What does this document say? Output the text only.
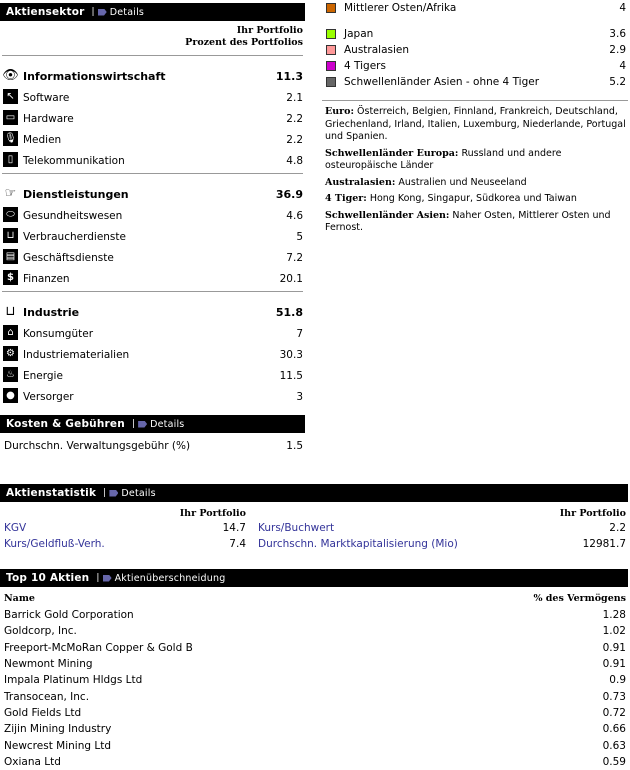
Aktiensektor | Details
Ihr Portfolio
Prozent des Portfolios
👁 Informationswirtschaft	11.3
↖ Software	2.1
▭ Hardware	2.2
🎙 Medien	2.2
▯ Telekommunikation	4.8
☞ Dienstleistungen	36.9
⬭ Gesundheitswesen	4.6
⊔ Verbraucherdienste	5
▤ Geschäftsdienste	7.2
$ Finanzen	20.1
⊔ Industrie	51.8
⌂ Konsumgüter	7
⚙ Industriematerialien	30.3
♨ Energie	11.5
● Versorger	3
Kosten & Gebühren | Details
Durchschn. Verwaltungsgebühr (%)	1.5
Mittlerer Osten/Afrika	4
Japan	3.6
Australasien	2.9
4 Tigers	4
Schwellenländer Asien - ohne 4 Tiger	5.2
Euro: Österreich, Belgien, Finnland, Frankreich, Deutschland, Griechenland, Irland, Italien, Luxemburg, Niederlande, Portugal und Spanien.
Schwellenländer Europa: Russland und andere osteuropäische Länder
Australasien: Australien und Neuseeland
4 Tiger: Hong Kong, Singapur, Südkorea und Taiwan
Schwellenländer Asien: Naher Osten, Mittlerer Osten und Fernost.
Aktienstatistik | Details
Ihr Portfolio	Ihr Portfolio
KGV	14.7 Kurs/Buchwert	2.2
Kurs/Geldfluß-Verh.	7.4 Durchschn. Marktkapitalisierung (Mio)	12981.7
Top 10 Aktien | Aktienüberschneidung
Name	% des Vermögens
Barrick Gold Corporation	1.28
Goldcorp, Inc.	1.02
Freeport-McMoRan Copper & Gold B	0.91
Newmont Mining	0.91
Impala Platinum Hldgs Ltd	0.9
Transocean, Inc.	0.73
Gold Fields Ltd	0.72
Zijin Mining Industry	0.66
Newcrest Mining Ltd	0.63
Oxiana Ltd	0.59
